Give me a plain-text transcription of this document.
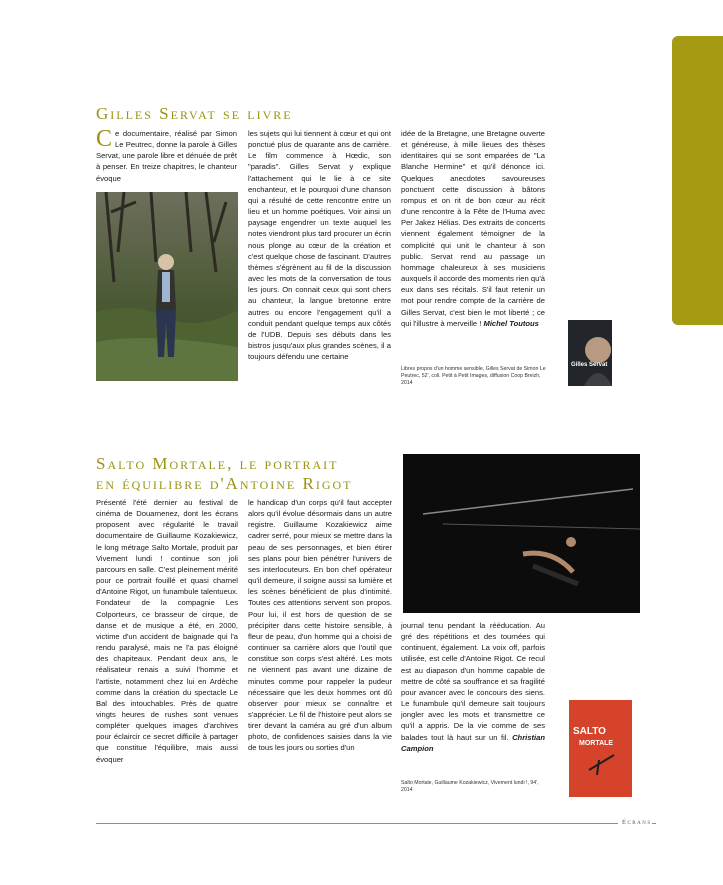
Gilles Servat se livre
Ce documentaire, réalisé par Simon Le Peutrec, donne la parole à Gilles Servat, une parole libre et dénuée de prêt à penser. En treize chapitres, le chanteur évoque
les sujets qui lui tiennent à cœur et qui ont ponctué plus de quarante ans de carrière. Le film commence à Hœdic, son "paradis". Gilles Servat y explique l'attachement qui le lie à ce site enchanteur, et le pourquoi d'une chanson qui a résulté de cette rencontre entre un lieu et un homme poétiques. Voir ainsi un paysage engendrer un texte auquel les notes viendront plus tard procurer un écrin nous plonge au cœur de la création et c'est quelque chose de fascinant. D'autres thèmes s'égrènent au fil de la discussion avec les mots de la conversation de tous les jours. On connait ceux qui sont chers au chanteur, la langue bretonne entre autres ou encore l'engagement qu'il a conduit pendant quelque temps aux côtés de l'UDB. Depuis ses débuts dans les bistros jusqu'aux plus grandes scènes, il a toujours défendu une certaine
idée de la Bretagne, une Bretagne ouverte et généreuse, à mille lieues des thèses identitaires qui se sont emparées de "La Blanche Hermine" et qu'il dénonce ici. Quelques anecdotes savoureuses ponctuent cette discussion à bâtons rompus et on rit de bon cœur au récit d'une rencontre à la Fête de l'Huma avec Per Jakez Hélias. Des extraits de concerts viennent également témoigner de la complicité qui unit le chanteur à son public. Servat rend au passage un hommage chaleureux à ses musiciens auxquels il accorde des moments rien qu'à eux dans ses récitals. S'il faut retenir un mot pour rendre compte de la carrière de Gilles Servat, c'est bien le mot liberté ; ce qui l'illustre à merveille ! Michel Toutous
Gilles Servat

Libres propos d'un homme sensible, Gilles Servat de Simon Le Peutrec, 52', coll. Petit à Petit Images, diffusion Coop Breizh, 2014

Salto Mortale, le portrait
en équilibre d'Antoine Rigot
Présenté l'été dernier au festival de cinéma de Douarnenez, dont les écrans proposent avec régularité le travail documentaire de Guillaume Kozakiewicz, le long métrage Salto Mortale, produit par Vivement lundi ! continue son joli parcours en salle. C'est pleinement mérité pour ce portrait fouillé et quasi charnel d'Antoine Rigot, un funambule talentueux. Fondateur de la compagnie Les Colporteurs, ce brasseur de cirque, de danse et de musique a été, en 2000, victime d'un accident de baignade qui l'a rendu paralysé, mais ne l'a pas éloigné des chapiteaux. Pendant deux ans, le réalisateur renais a suivi l'homme et l'artiste, notamment chez lui en Ardèche comme dans la création du spectacle Le Bal des intouchables. Près de quatre vingts heures de rushes sont venues compléter quelques images d'archives pour éclaircir ce secret difficile à partager que constitue l'équilibre, mais aussi évoquer
le handicap d'un corps qu'il faut accepter alors qu'il évolue désormais dans un autre registre. Guillaume Kozakiewicz aime cadrer serré, pour mieux se mettre dans la peau de ses personnages, et bien étirer ses plans pour bien pénétrer l'univers de ses interlocuteurs. En bon chef opérateur qu'il demeure, il soigne aussi sa lumière et les scènes bénéficient de plus d'intimité. Toutes ces attentions servent son propos. Pour lui, il est hors de question de se précipiter dans cette histoire sensible, à fleur de peau, d'un homme qui a choisi de continuer sa carrière alors que l'outil que constitue son corps s'est altéré. Les mots ne viennent pas avant une dizaine de minutes comme pour rappeler la pudeur nécessaire que les deux hommes ont dû observer pour mieux se connaître et s'apprécier. Le fil de l'histoire peut alors se tirer devant la caméra au gré d'un album photo, de confidences saisies dans la vie de tous les jours ou sorties d'un
journal tenu pendant la rééducation. Au gré des répétitions et des tournées qui continuent, également. La voix off, parfois utilisée, est celle d'Antoine Rigot. Ce recul est au diapason d'un homme capable de mettre de côté sa souffrance et sa fragilité pour avancer avec le concours des siens. Le funambule qu'il demeure sait toujours jongler avec les mots et transmettre ce qu'il a appris. De la vie comme de ses balades tout là haut sur un fil. Christian Campion
SALTO
MORTALE

Salto Mortale, Guillaume Kozakiewicz, Vivement lundi !, 94', 2014

Écrans
